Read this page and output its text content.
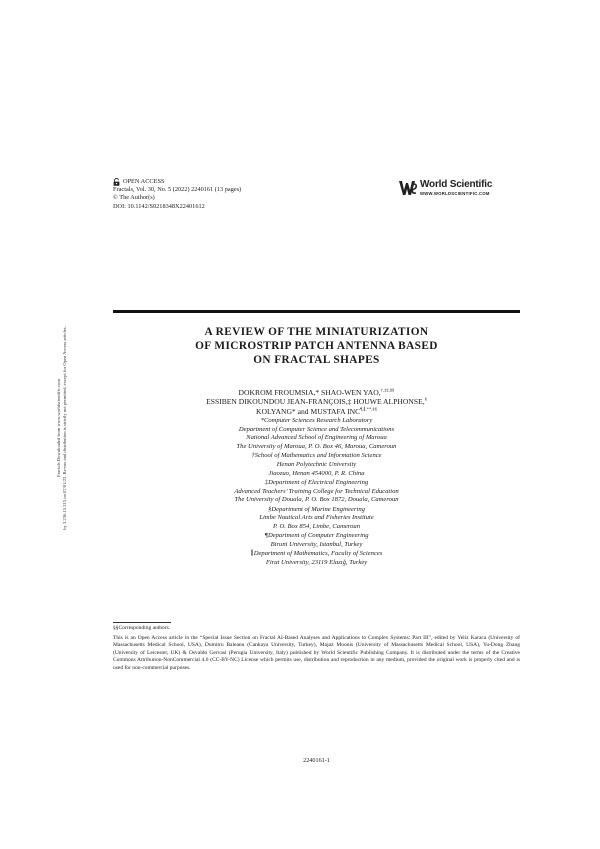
Fractals Downloaded from www.worldscientific.com by 3.236.15.215 on 07/01/22. Re-use and distribution is strictly not permitted, except for Open Access articles.
OPEN ACCESS
Fractals, Vol. 30, No. 5 (2022) 2240161 (13 pages)
© The Author(s)
DOI: 10.1142/S0218348X22401612
World Scientific
WWW.WORLDSCIENTIFIC.COM
A REVIEW OF THE MINIATURIZATION
OF MICROSTRIP PATCH ANTENNA BASED
ON FRACTAL SHAPES
DOKROM FROUMSIA,* SHAO-WEN YAO,†,‡‡,§§
ESSIBEN DIKOUNDOU JEAN-FRANÇOIS,‡ HOUWE ALPHONSE,§
KOLYANG* and MUSTAFA INC¶,∥,**,§§
*Computer Sciences Research Laboratory
Department of Computer Science and Telecommunications
National Advanced School of Engineering of Maroua
The University of Maroua, P. O. Box 46, Maroua, Cameroun
†School of Mathematics and Information Science
Henan Polytechnic University
Jiaozuo, Henan 454000, P. R. China
‡Department of Electrical Engineering
Advanced Teachers’ Training College for Technical Education
The University of Douala, P. O. Box 1872, Douala, Cameroun
§Department of Marine Engineering
Limbe Nautical Arts and Fisheries Institute
P. O. Box 854, Limbe, Cameroun
¶Department of Computer Engineering
Biruni University, Istanbul, Turkey
∥Department of Mathematics, Faculty of Sciences
Firat University, 23119 Elazığ, Turkey
§§Corresponding authors.
This is an Open Access article in the “Special Issue Section on Fractal AI-Based Analyses and Applications to Complex Systems: Part III”, edited by Yeliz Karaca (University of Massachusetts Medical School, USA), Dumitru Baleanu (Cankaya University, Turkey), Majaz Moonis (University of Massachusetts Medical School, USA), Yu-Dong Zhang (University of Leicester, UK) & Osvaldo Gervasi (Perugia University, Italy) published by World Scientific Publishing Company. It is distributed under the terms of the Creative Commons Attribution-NonCommercial 4.0 (CC-BY-NC) License which permits use, distribution and reproduction in any medium, provided the original work is properly cited and is used for non-commercial purposes.
2240161-1
